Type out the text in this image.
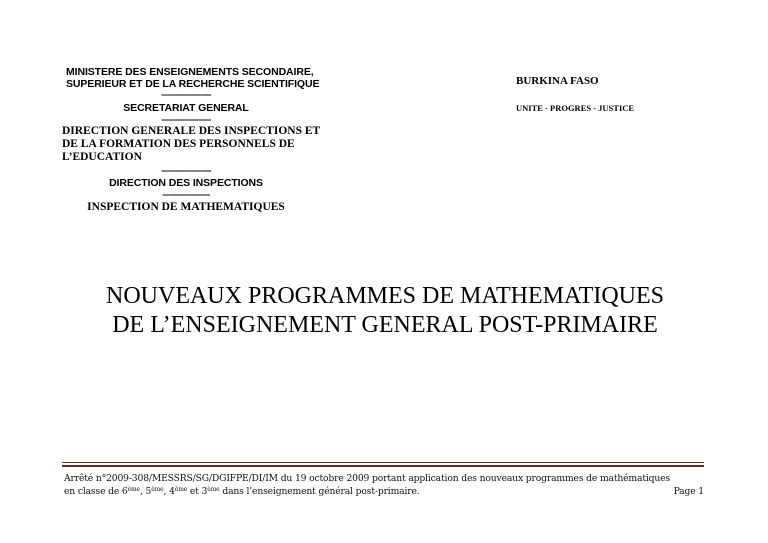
MINISTERE DES ENSEIGNEMENTS SECONDAIRE,
SUPERIEUR ET DE LA RECHERCHE SCIENTIFIQUE
------------------------
SECRETARIAT GENERAL
------------------------
DIRECTION GENERALE DES INSPECTIONS ET
DE LA FORMATION DES PERSONNELS DE
L’EDUCATION
------------------------
DIRECTION DES INSPECTIONS
-----------------------
INSPECTION DE MATHEMATIQUES
BURKINA FASO
UNITE - PROGRES - JUSTICE
NOUVEAUX PROGRAMMES DE MATHEMATIQUES
DE L’ENSEIGNEMENT GENERAL POST-PRIMAIRE
Arrêté n°2009-308/MESSRS/SG/DGIFPE/DI/IM du 19 octobre 2009 portant application des nouveaux programmes de mathématiques
en classe de 6ème, 5ème, 4ème et 3ème dans l’enseignement général post-primaire.	Page 1
